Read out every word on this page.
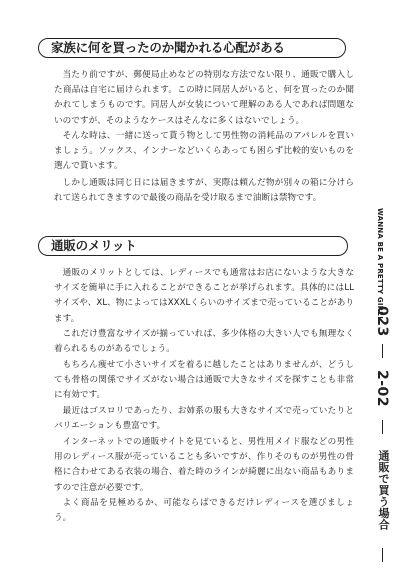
家族に何を買ったのか聞かれる心配がある

当たり前ですが、郵便局止めなどの特別な方法でない限り、通販で購入した商品は自宅に届けられます。この時に同居人がいると、何を買ったのか聞かれてしまうものです。同居人が女装について理解のある人であれば問題ないのですが、そのようなケースはそんなに多くはないでしょう。

そんな時は、一緒に送って貰う物として男性物の消耗品のアパレルを買いましょう。ソックス、インナーなどいくらあっても困らず比較的安いものを選んで貰います。

しかし通販は同じ日には届きますが、実際は頼んだ物が別々の箱に分けられて送られてきますので最後の商品を受け取るまで油断は禁物です。

通販のメリット

通販のメリットとしては、レディースでも通常はお店にないような大きなサイズを簡単に手に入れることができることが挙げられます。具体的にはLLサイズや、XL、物によってはXXXLくらいのサイズまで売っていることがあります。

これだけ豊富なサイズが揃っていれば、多少体格の大きい人でも無理なく着られるものがあるでしょう。

もちろん痩せて小さいサイズを着るに越したことはありませんが、どうしても骨格の関係でサイズがない場合は通販で大きなサイズを探すことも非常に有効です。

最近はゴスロリであったり、お姉系の服も大きなサイズで売っていたりとバリエーションも豊富です。

インターネットでの通販サイトを見ていると、男性用メイド服などの男性用のレディース服が売っていることも多いですが、作りそのものが男性の骨格に合わせてある衣装の場合、着た時のラインが綺麗に出ない商品もありますので注意が必要です。

よく商品を見極めるか、可能ならばできるだけレディースを選びましょう。

WANNA BE A PRETTY GIRL!
023
2-02
通販で買う場合
